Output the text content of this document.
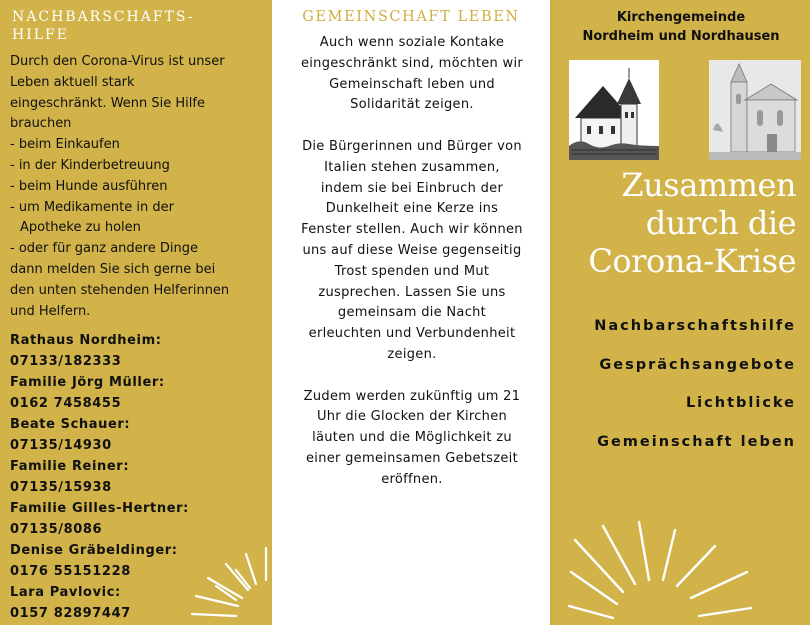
NACHBARSCHAFTS-
HILFE
Durch den Corona-Virus ist unser
Leben aktuell stark
eingeschränkt. Wenn Sie Hilfe
brauchen
- beim Einkaufen
- in der Kinderbetreuung
- beim Hunde ausführen
- um Medikamente in der
Apotheke zu holen
- oder für ganz andere Dinge
dann melden Sie sich gerne bei
den unten stehenden Helferinnen
und Helfern.
Rathaus Nordheim:
07133/182333
Familie Jörg Müller:
0162 7458455
Beate Schauer:
07135/14930
Familie Reiner:
07135/15938
Familie Gilles-Hertner:
07135/8086
Denise Gräbeldinger:
0176 55151228
Lara Pavlovic:
0157 82897447
GEMEINSCHAFT LEBEN

Auch wenn soziale Kontake
eingeschränkt sind, möchten wir
Gemeinschaft leben und
Solidarität zeigen.

Die Bürgerinnen und Bürger von
Italien stehen zusammen,
indem sie bei Einbruch der
Dunkelheit eine Kerze ins
Fenster stellen. Auch wir können
uns auf diese Weise gegenseitig
Trost spenden und Mut
zusprechen. Lassen Sie uns
gemeinsam die Nacht
erleuchten und Verbundenheit
zeigen.

Zudem werden zukünftig um 21
Uhr die Glocken der Kirchen
läuten und die Möglichkeit zu
einer gemeinsamen Gebetszeit
eröffnen.

Kirchengemeinde
Nordheim und Nordhausen
Zusammen
durch die
Corona-Krise
Nachbarschaftshilfe
Gesprächsangebote
Lichtblicke
Gemeinschaft leben
